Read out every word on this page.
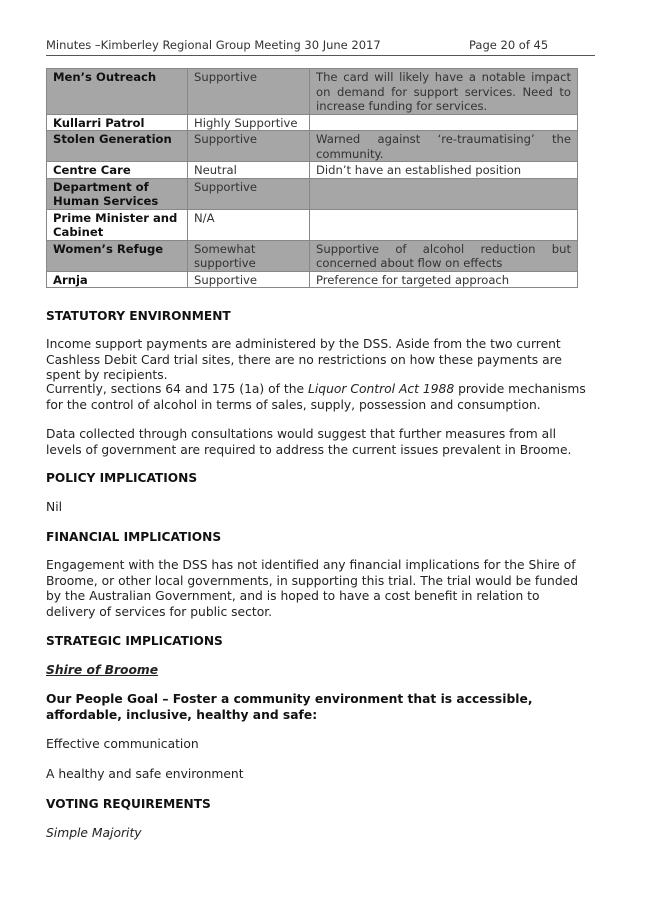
Minutes –Kimberley Regional Group Meeting 30 June 2017	Page 20 of 45
Men’s Outreach	Supportive	The card will likely have a notable impact on demand for support services. Need to increase funding for services.
Kullarri Patrol	Highly Supportive	
Stolen Generation	Supportive	Warned against ‘re-traumatising’ the community.
Centre Care	Neutral	Didn’t have an established position
Department of Human Services	Supportive	
Prime Minister and Cabinet	N/A	
Women’s Refuge	Somewhat supportive	Supportive of alcohol reduction but concerned about flow on effects
Arnja	Supportive	Preference for targeted approach
STATUTORY ENVIRONMENT
Income support payments are administered by the DSS. Aside from the two current Cashless Debit Card trial sites, there are no restrictions on how these payments are spent by recipients.
Currently, sections 64 and 175 (1a) of the Liquor Control Act 1988 provide mechanisms for the control of alcohol in terms of sales, supply, possession and consumption.
Data collected through consultations would suggest that further measures from all levels of government are required to address the current issues prevalent in Broome.
POLICY IMPLICATIONS
Nil
FINANCIAL IMPLICATIONS
Engagement with the DSS has not identified any financial implications for the Shire of Broome, or other local governments, in supporting this trial. The trial would be funded by the Australian Government, and is hoped to have a cost benefit in relation to delivery of services for public sector.
STRATEGIC IMPLICATIONS
Shire of Broome
Our People Goal – Foster a community environment that is accessible, affordable, inclusive, healthy and safe:
Effective communication
A healthy and safe environment
VOTING REQUIREMENTS
Simple Majority
